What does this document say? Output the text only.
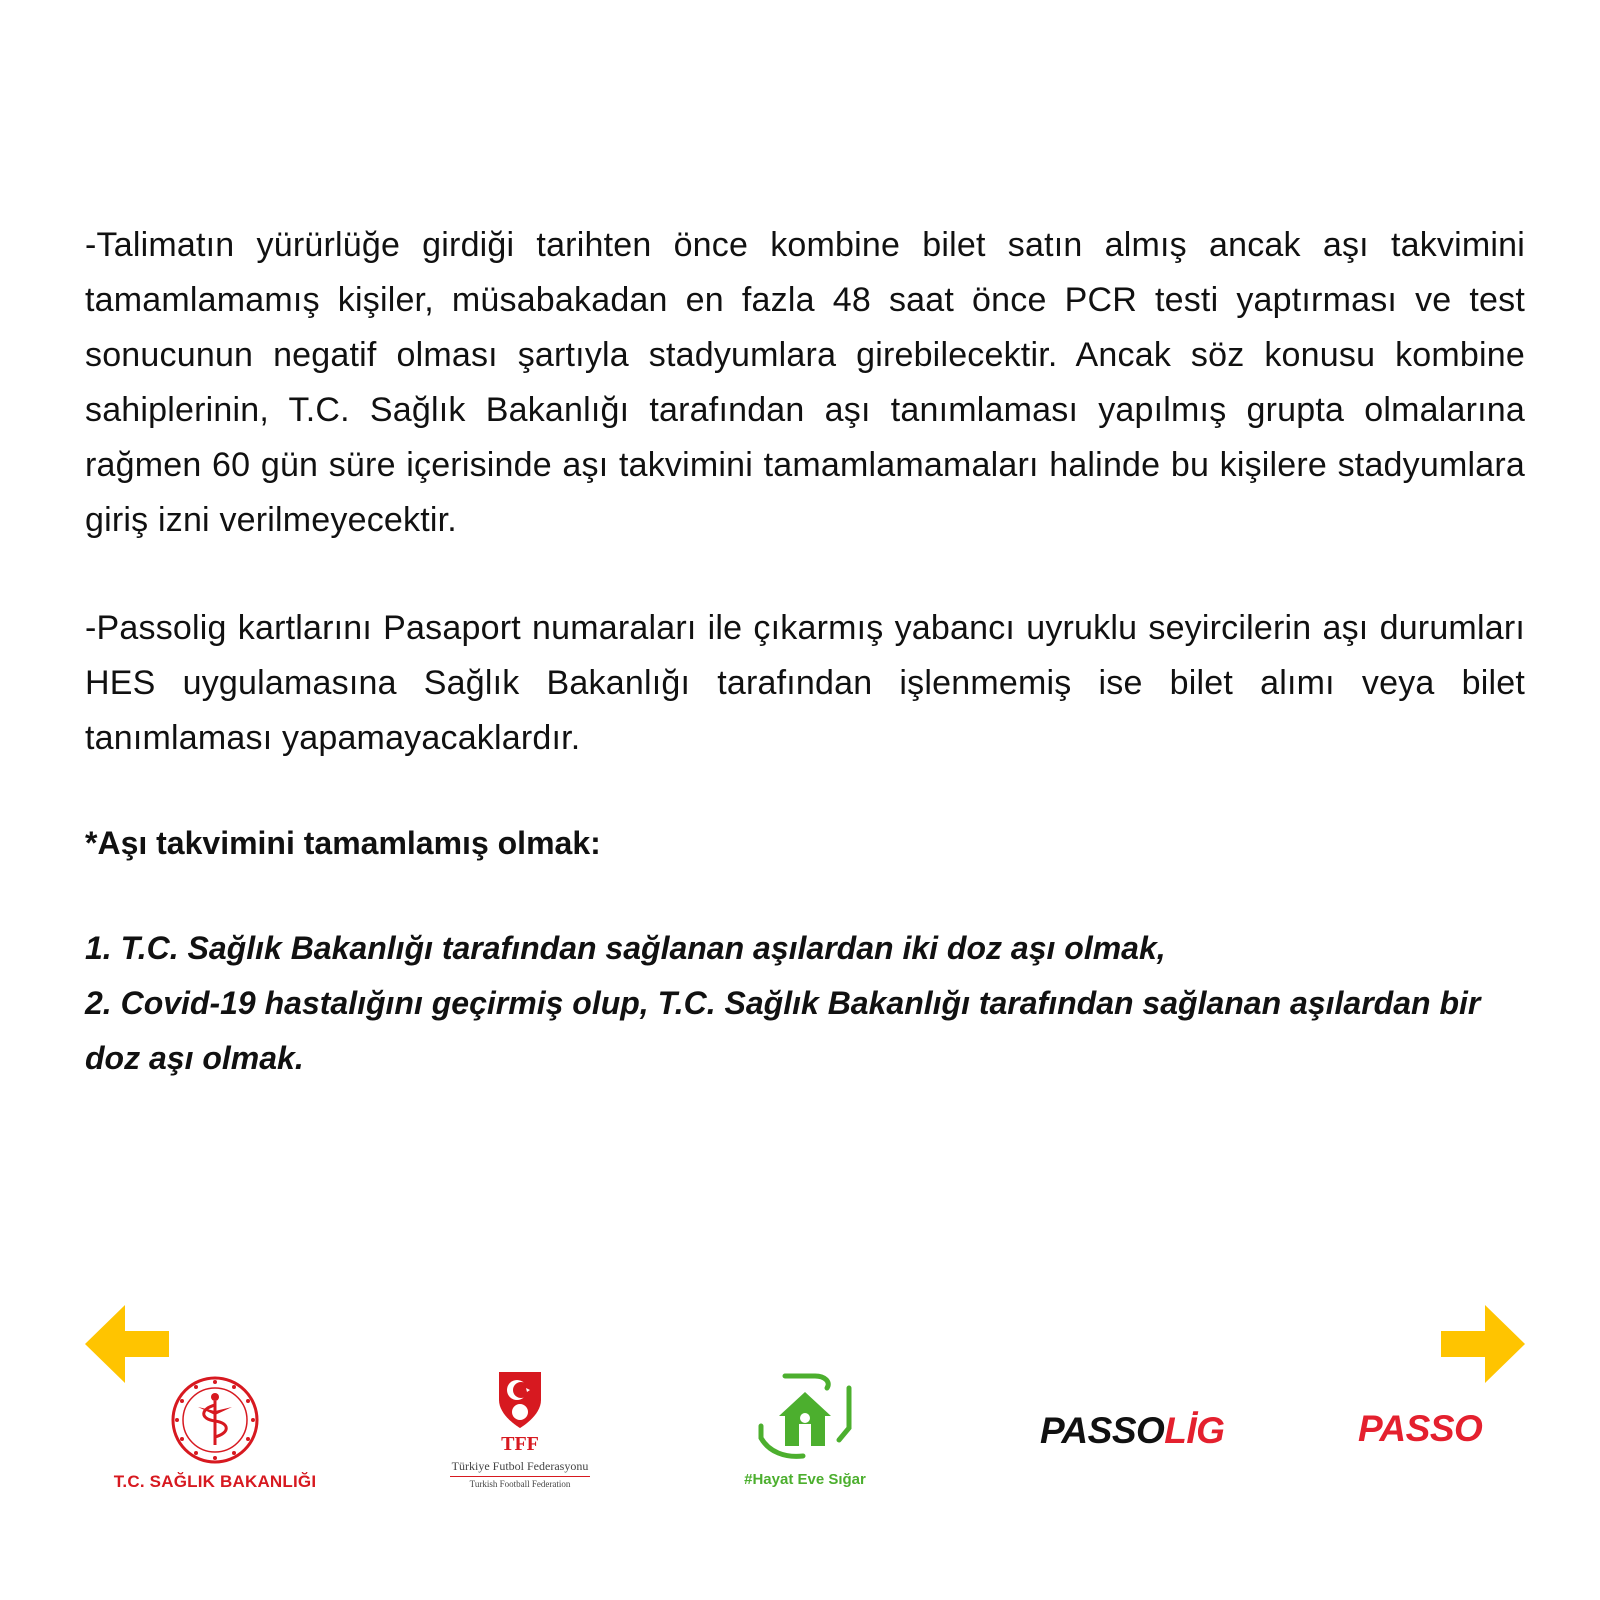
-Talimatın yürürlüğe girdiği tarihten önce kombine bilet satın almış ancak aşı takvimini tamamlamamış kişiler, müsabakadan en fazla 48 saat önce PCR testi yaptırması ve test sonucunun negatif olması şartıyla stadyumlara girebilecektir. Ancak söz konusu kombine sahiplerinin, T.C. Sağlık Bakanlığı tarafından aşı tanımlaması yapılmış grupta olmalarına rağmen 60 gün süre içerisinde aşı takvimini tamamlamamaları halinde bu kişilere stadyumlara giriş izni verilmeyecektir.

-Passolig kartlarını Pasaport numaraları ile çıkarmış yabancı uyruklu seyircilerin aşı durumları HES uygulamasına Sağlık Bakanlığı tarafından işlenmemiş ise bilet alımı veya bilet tanımlaması yapamayacaklardır.

*Aşı takvimini tamamlamış olmak:
1. T.C. Sağlık Bakanlığı tarafından sağlanan aşılardan iki doz aşı olmak,
2. Covid-19 hastalığını geçirmiş olup, T.C. Sağlık Bakanlığı tarafından sağlanan aşılardan bir doz aşı olmak.
T.C. SAĞLIK BAKANLIĞI
TFF
Türkiye Futbol Federasyonu
Turkish Football Federation	#Hayat Eve Sığar
PASSOLİG	PASSO
